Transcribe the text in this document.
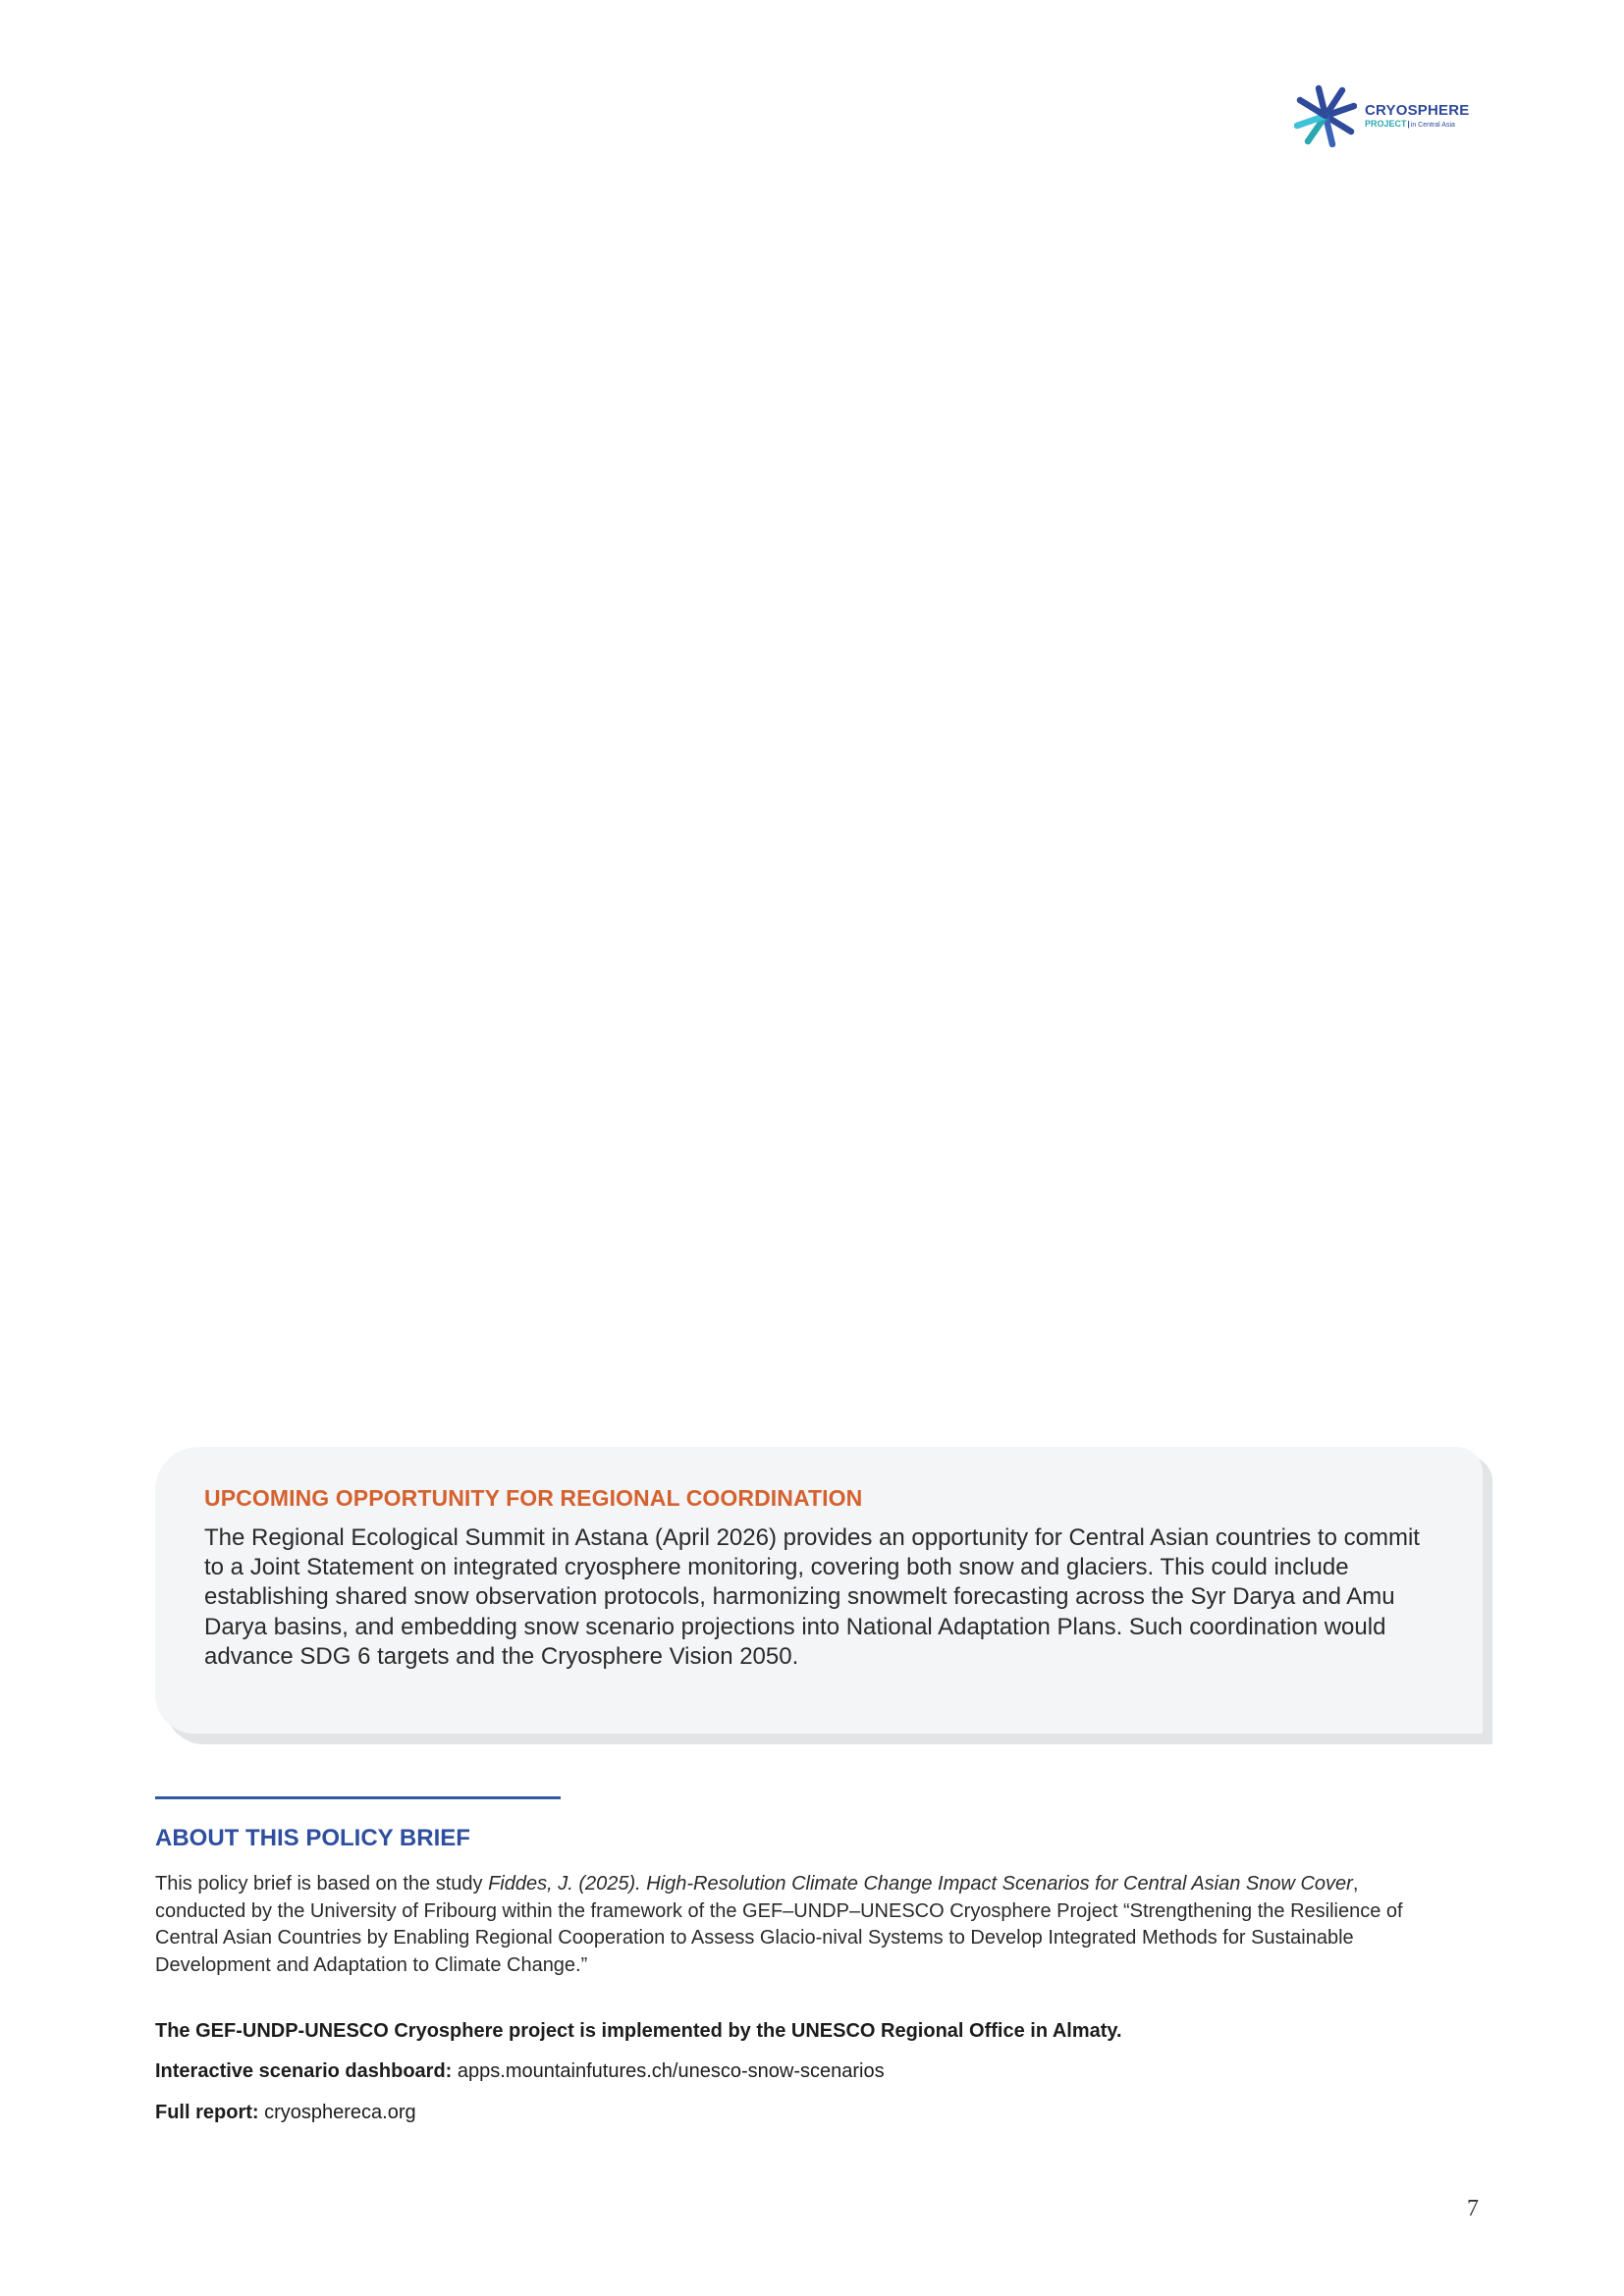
CRYOSPHERE
PROJECT|in Central Asia
UPCOMING OPPORTUNITY FOR REGIONAL COORDINATION

The Regional Ecological Summit in Astana (April 2026) provides an opportunity for Central Asian countries to commit to a Joint Statement on integrated cryosphere monitoring, covering both snow and glaciers. This could include establishing shared snow observation protocols, harmonizing snowmelt forecasting across the Syr Darya and Amu Darya basins, and embedding snow scenario projections into National Adaptation Plans. Such coordination would advance SDG 6 targets and the Cryosphere Vision 2050.

ABOUT THIS POLICY BRIEF

This policy brief is based on the study Fiddes, J. (2025). High-Resolution Climate Change Impact Scenarios for Central Asian Snow Cover, conducted by the University of Fribourg within the framework of the GEF–UNDP–UNESCO Cryosphere Project “Strengthening the Resilience of Central Asian Countries by Enabling Regional Cooperation to Assess Glacio-nival Systems to Develop Integrated Methods for Sustainable Development and Adaptation to Climate Change.”

The GEF-UNDP-UNESCO Cryosphere project is implemented by the UNESCO Regional Office in Almaty.

Interactive scenario dashboard: apps.mountainfutures.ch/unesco-snow-scenarios

Full report: cryosphereca.org

7
